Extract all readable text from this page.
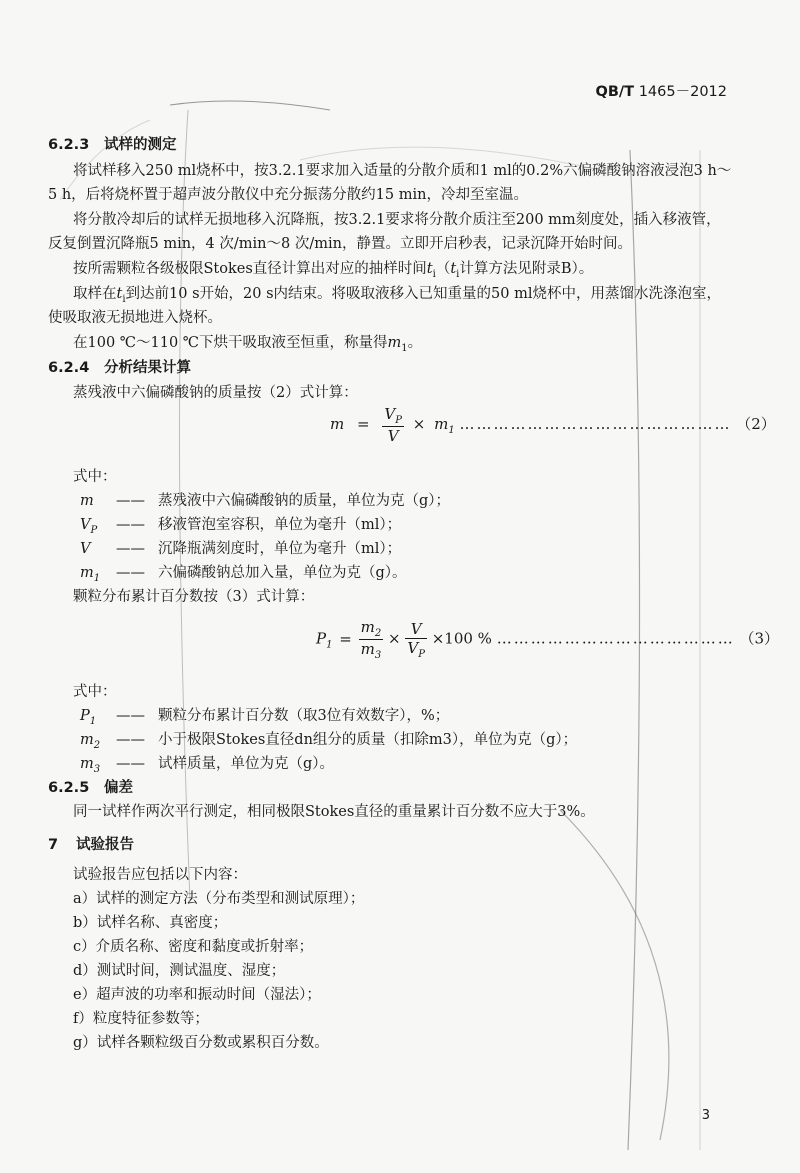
QB/T 1465－2012
6.2.3 试样的测定
将试样移入250 ml烧杯中，按3.2.1要求加入适量的分散介质和1 ml的0.2%六偏磷酸钠溶液浸泡3 h～
5 h，后将烧杯置于超声波分散仪中充分振荡分散约15 min，冷却至室温。
将分散冷却后的试样无损地移入沉降瓶，按3.2.1要求将分散介质注至200 mm刻度处，插入移液管，
反复倒置沉降瓶5 min，4 次/min～8 次/min，静置。立即开启秒表，记录沉降开始时间。
按所需颗粒各级极限Stokes直径计算出对应的抽样时间$t_i(t_i$计算方法见附录B）。
取样在$t_i$到达前10 s开始，20 s内结束。将吸取液移入已知重量的50 ml烧杯中，用蒸馏水洗涤泡室，
使吸取液无损地进入烧杯。
在100 ℃～110 ℃下烘干吸取液至恒重，称量得$m_1$。
6.2.4 分析结果计算
蒸残液中六偏磷酸钠的质量按（2）式计算：
$m = \frac{V_P}{V} \times m_1$ ………………………………………… （2）
式中：
m —— 蒸残液中六偏磷酸钠的质量，单位为克（g）；
$V_P$ —— 移液管泡室容积，单位为毫升（ml）；
V —— 沉降瓶满刻度时，单位为毫升（ml）；
$m_1$ —— 六偏磷酸钠总加入量，单位为克（g）。
颗粒分布累计百分数按（3）式计算：
$P_1 = \frac{m_2}{m_3} \times \frac{V}{V_P} \times 100$ % …………………………………… （3）
式中：
$P_1$ —— 颗粒分布累计百分数（取3位有效数字），%；
$m_2$ —— 小于极限Stokes直径dn组分的质量（扣除m3），单位为克（g）；
$m_3$ —— 试样质量，单位为克（g）。
6.2.5 偏差
同一试样作两次平行测定，相同极限Stokes直径的重量累计百分数不应大于3%。
7 试验报告
试验报告应包括以下内容：
a）试样的测定方法（分布类型和测试原理）；
b）试样名称、真密度；
c）介质名称、密度和黏度或折射率；
d）测试时间，测试温度、湿度；
e）超声波的功率和振动时间（湿法）；
f）粒度特征参数等；
g）试样各颗粒级百分数或累积百分数。
3
